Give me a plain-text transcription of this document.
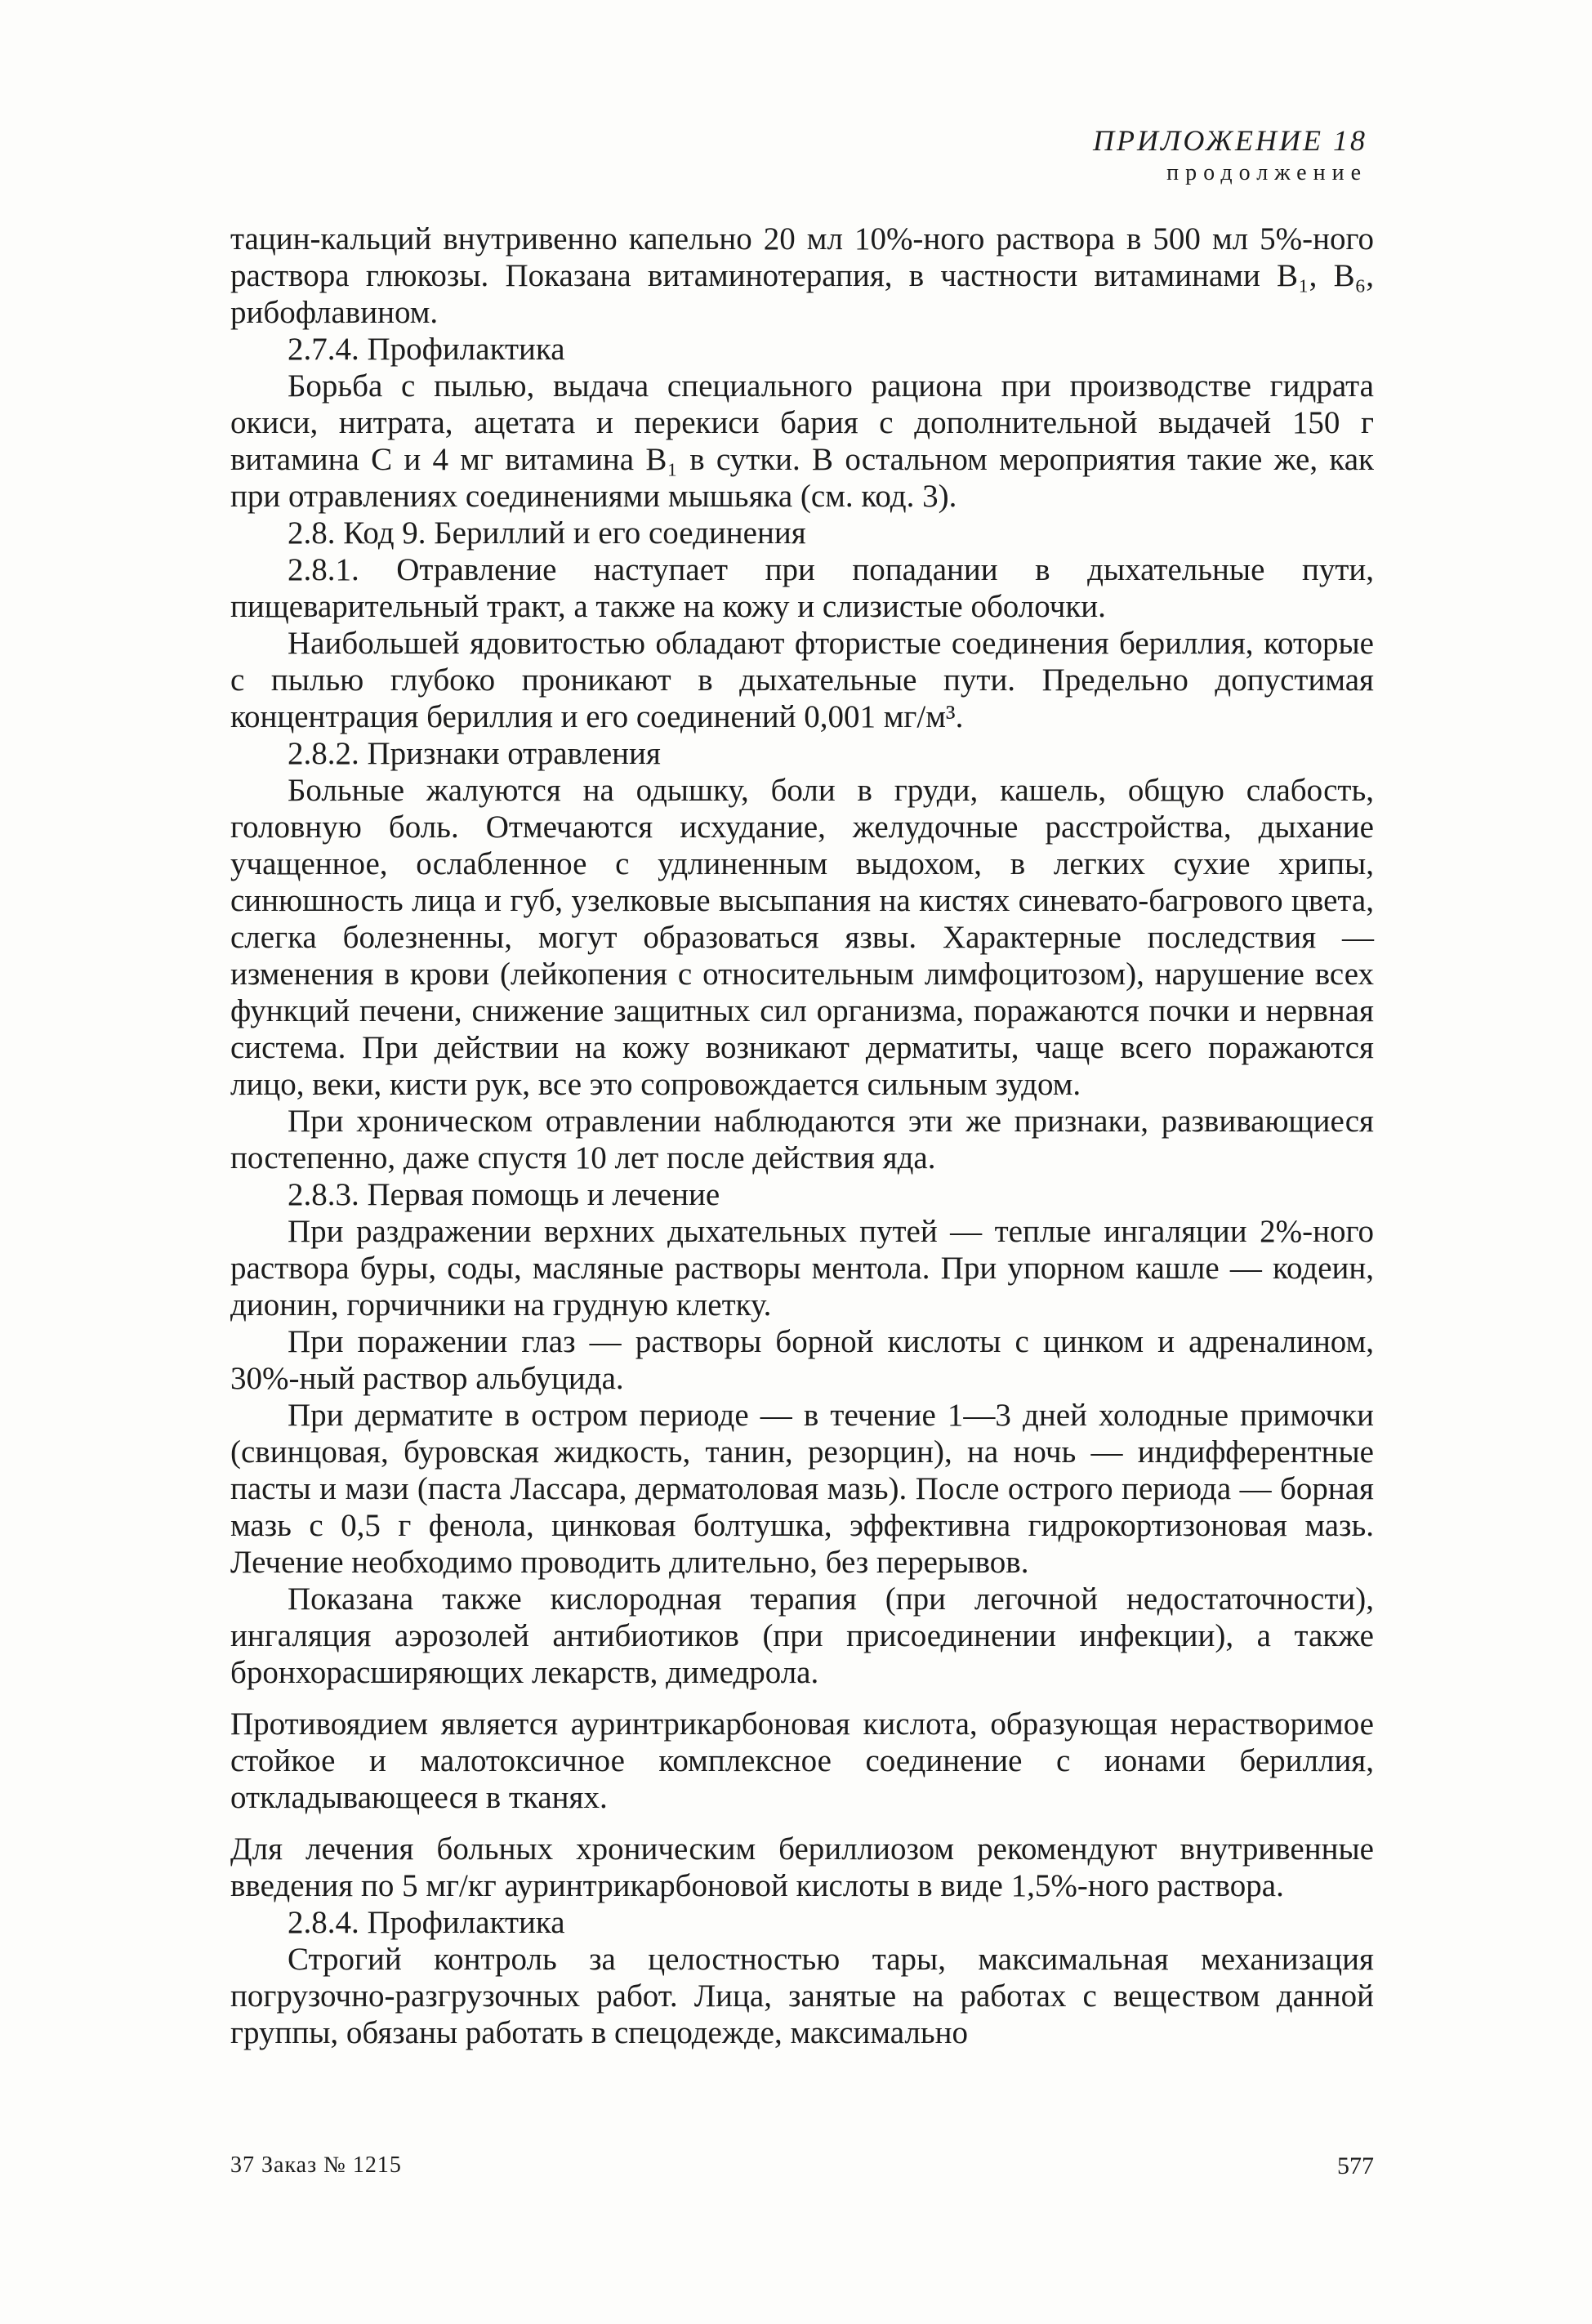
ПРИЛОЖЕНИЕ 18
продолжение

тацин-кальций внутривенно капельно 20 мл 10%-ного раствора в 500 мл 5%-ного раствора глюкозы. Показана витаминотерапия, в частности витаминами B₁, B₆, рибофлавином.

2.7.4. Профилактика

Борьба с пылью, выдача специального рациона при производстве гидрата окиси, нитрата, ацетата и перекиси бария с дополнительной выдачей 150 г витамина С и 4 мг витамина B₁ в сутки. В остальном мероприятия такие же, как при отравлениях соединениями мышьяка (см. код. 3).

2.8. Код 9. Бериллий и его соединения

2.8.1. Отравление наступает при попадании в дыхательные пути, пищеварительный тракт, а также на кожу и слизистые оболочки.

Наибольшей ядовитостью обладают фтористые соединения бериллия, которые с пылью глубоко проникают в дыхательные пути. Предельно допустимая концентрация бериллия и его соединений 0,001 мг/м³.

2.8.2. Признаки отравления

Больные жалуются на одышку, боли в груди, кашель, общую слабость, головную боль. Отмечаются исхудание, желудочные расстройства, дыхание учащенное, ослабленное с удлиненным выдохом, в легких сухие хрипы, синюшность лица и губ, узелковые высыпания на кистях синевато-багрового цвета, слегка болезненны, могут образоваться язвы. Характерные последствия — изменения в крови (лейкопения с относительным лимфоцитозом), нарушение всех функций печени, снижение защитных сил организма, поражаются почки и нервная система. При действии на кожу возникают дерматиты, чаще всего поражаются лицо, веки, кисти рук, все это сопровождается сильным зудом.

При хроническом отравлении наблюдаются эти же признаки, развивающиеся постепенно, даже спустя 10 лет после действия яда.

2.8.3. Первая помощь и лечение

При раздражении верхних дыхательных путей — теплые ингаляции 2%-ного раствора буры, соды, масляные растворы ментола. При упорном кашле — кодеин, дионин, горчичники на грудную клетку.

При поражении глаз — растворы борной кислоты с цинком и адреналином, 30%-ный раствор альбуцида.

При дерматите в остром периоде — в течение 1—3 дней холодные примочки (свинцовая, буровская жидкость, танин, резорцин), на ночь — индифферентные пасты и мази (паста Лассара, дерматоловая мазь). После острого периода — борная мазь с 0,5 г фенола, цинковая болтушка, эффективна гидрокортизоновая мазь. Лечение необходимо проводить длительно, без перерывов.

Показана также кислородная терапия (при легочной недостаточности), ингаляция аэрозолей антибиотиков (при присоединении инфекции), а также бронхорасширяющих лекарств, димедрола.

Противоядием является ауринтрикарбоновая кислота, образующая нерастворимое стойкое и малотоксичное комплексное соединение с ионами бериллия, откладывающееся в тканях.

Для лечения больных хроническим бериллиозом рекомендуют внутривенные введения по 5 мг/кг ауринтрикарбоновой кислоты в виде 1,5%-ного раствора.

2.8.4. Профилактика

Строгий контроль за целостностью тары, максимальная механизация погрузочно-разгрузочных работ. Лица, занятые на работах с веществом данной группы, обязаны работать в спецодежде, максимально

37 Заказ № 1215	577
